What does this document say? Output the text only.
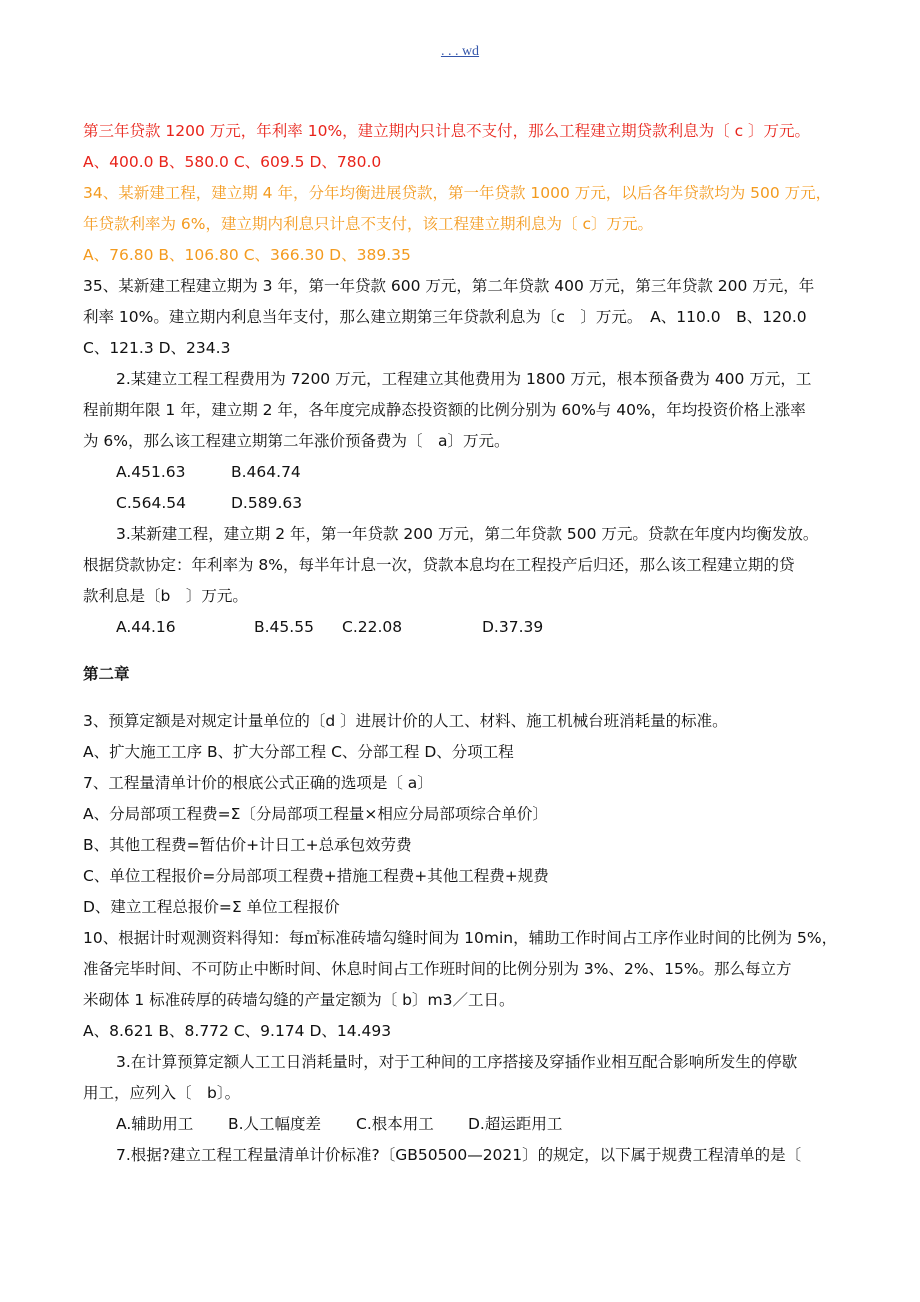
. . . wd
第三年贷款 1200 万元，年利率 10%，建立期内只计息不支付，那么工程建立期贷款利息为〔 c 〕万元。
A、400.0 B、580.0 C、609.5 D、780.0
34、某新建工程，建立期 4 年，分年均衡进展贷款，第一年贷款 1000 万元，以后各年贷款均为 500 万元，
年贷款利率为 6%，建立期内利息只计息不支付，该工程建立期利息为〔 c〕万元。
A、76.80 B、106.80 C、366.30 D、389.35
35、某新建工程建立期为 3 年，第一年贷款 600 万元，第二年贷款 400 万元，第三年贷款 200 万元，年
利率 10%。建立期内利息当年支付，那么建立期第三年贷款利息为〔c　〕万元。　A、110.0　B、120.0
C、121.3 D、234.3
2.某建立工程工程费用为 7200 万元，工程建立其他费用为 1800 万元，根本预备费为 400 万元，工
程前期年限 1 年，建立期 2 年，各年度完成静态投资额的比例分别为 60%与 40%，年均投资价格上涨率
为 6%，那么该工程建立期第二年涨价预备费为〔　a〕万元。
A.451.63	B.464.74
C.564.54	D.589.63
3.某新建工程，建立期 2 年，第一年贷款 200 万元，第二年贷款 500 万元。贷款在年度内均衡发放。
根据贷款协定：年利率为 8%，每半年计息一次，贷款本息均在工程投产后归还，那么该工程建立期的贷
款利息是〔b　〕万元。
A.44.16	B.45.55 C.22.08	D.37.39
第二章
3、预算定额是对规定计量单位的〔d 〕进展计价的人工、材料、施工机械台班消耗量的标准。
A、扩大施工工序 B、扩大分部工程 C、分部工程 D、分项工程
7、工程量清单计价的根底公式正确的选项是〔 a〕
A、分局部项工程费=Σ〔分局部项工程量×相应分局部项综合单价〕
B、其他工程费=暂估价+计日工+总承包效劳费
C、单位工程报价=分局部项工程费+措施工程费+其他工程费+规费
D、建立工程总报价=Σ 单位工程报价
10、根据计时观测资料得知：每㎡标准砖墙勾缝时间为 10min，辅助工作时间占工序作业时间的比例为 5%，
准备完毕时间、不可防止中断时间、休息时间占工作班时间的比例分别为 3%、2%、15%。那么每立方
米砌体 1 标准砖厚的砖墙勾缝的产量定额为〔 b〕m3／工日。
A、8.621 B、8.772 C、9.174 D、14.493
3.在计算预算定额人工工日消耗量时，对于工种间的工序搭接及穿插作业相互配合影响所发生的停歇
用工，应列入〔　b〕。
A.辅助用工 B.人工幅度差 C.根本用工 D.超运距用工
7.根据?建立工程工程量清单计价标准?〔GB50500—2021〕的规定，以下属于规费工程清单的是〔
